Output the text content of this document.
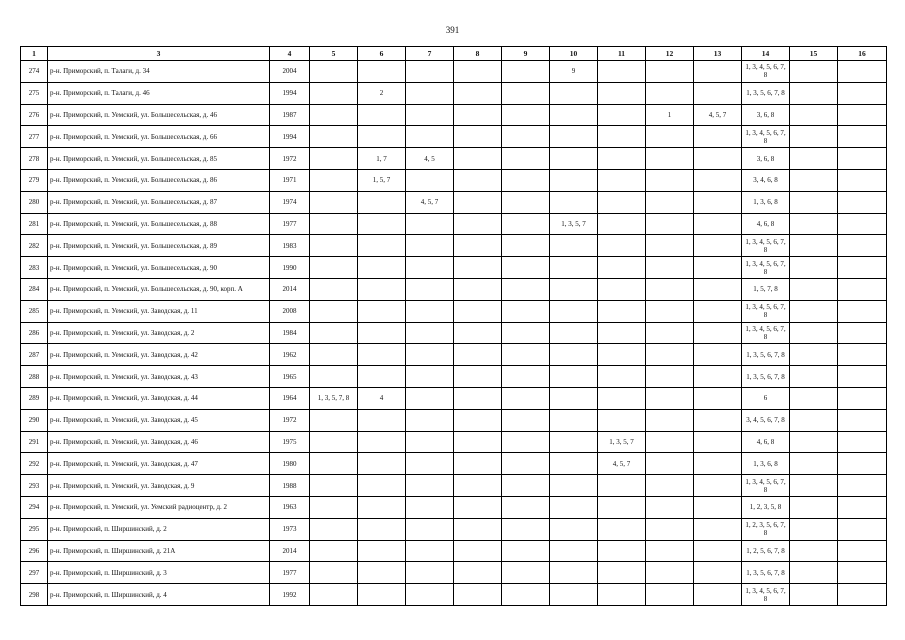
391
1	3	4	5	6	7	8	9	10	11	12	13	14	15	16
274	р-н. Приморский, п. Талаги, д. 34	2004						9				1, 3, 4, 5, 6, 7, 8		
275	р-н. Приморский, п. Талаги, д. 46	1994		2								1, 3, 5, 6, 7, 8		
276	р-н. Приморский, п. Уемский, ул. Большесельская, д. 46	1987								1	4, 5, 7	3, 6, 8		
277	р-н. Приморский, п. Уемский, ул. Большесельская, д. 66	1994										1, 3, 4, 5, 6, 7, 8		
278	р-н. Приморский, п. Уемский, ул. Большесельская, д. 85	1972		1, 7	4, 5							3, 6, 8		
279	р-н. Приморский, п. Уемский, ул. Большесельская, д. 86	1971		1, 5, 7								3, 4, 6, 8		
280	р-н. Приморский, п. Уемский, ул. Большесельская, д. 87	1974			4, 5, 7							1, 3, 6, 8		
281	р-н. Приморский, п. Уемский, ул. Большесельская, д. 88	1977						1, 3, 5, 7				4, 6, 8		
282	р-н. Приморский, п. Уемский, ул. Большесельская, д. 89	1983										1, 3, 4, 5, 6, 7, 8		
283	р-н. Приморский, п. Уемский, ул. Большесельская, д. 90	1990										1, 3, 4, 5, 6, 7, 8		
284	р-н. Приморский, п. Уемский, ул. Большесельская, д. 90, корп. А	2014										1, 5, 7, 8		
285	р-н. Приморский, п. Уемский, ул. Заводская, д. 11	2008										1, 3, 4, 5, 6, 7, 8		
286	р-н. Приморский, п. Уемский, ул. Заводская, д. 2	1984										1, 3, 4, 5, 6, 7, 8		
287	р-н. Приморский, п. Уемский, ул. Заводская, д. 42	1962										1, 3, 5, 6, 7, 8		
288	р-н. Приморский, п. Уемский, ул. Заводская, д. 43	1965										1, 3, 5, 6, 7, 8		
289	р-н. Приморский, п. Уемский, ул. Заводская, д. 44	1964	1, 3, 5, 7, 8	4								6		
290	р-н. Приморский, п. Уемский, ул. Заводская, д. 45	1972										3, 4, 5, 6, 7, 8		
291	р-н. Приморский, п. Уемский, ул. Заводская, д. 46	1975							1, 3, 5, 7			4, 6, 8		
292	р-н. Приморский, п. Уемский, ул. Заводская, д. 47	1980							4, 5, 7			1, 3, 6, 8		
293	р-н. Приморский, п. Уемский, ул. Заводская, д. 9	1988										1, 3, 4, 5, 6, 7, 8		
294	р-н. Приморский, п. Уемский, ул. Уемский радиоцентр, д. 2	1963										1, 2, 3, 5, 8		
295	р-н. Приморский, п. Ширшинский, д. 2	1973										1, 2, 3, 5, 6, 7, 8		
296	р-н. Приморский, п. Ширшинский, д. 21А	2014										1, 2, 5, 6, 7, 8		
297	р-н. Приморский, п. Ширшинский, д. 3	1977										1, 3, 5, 6, 7, 8		
298	р-н. Приморский, п. Ширшинский, д. 4	1992										1, 3, 4, 5, 6, 7, 8		
